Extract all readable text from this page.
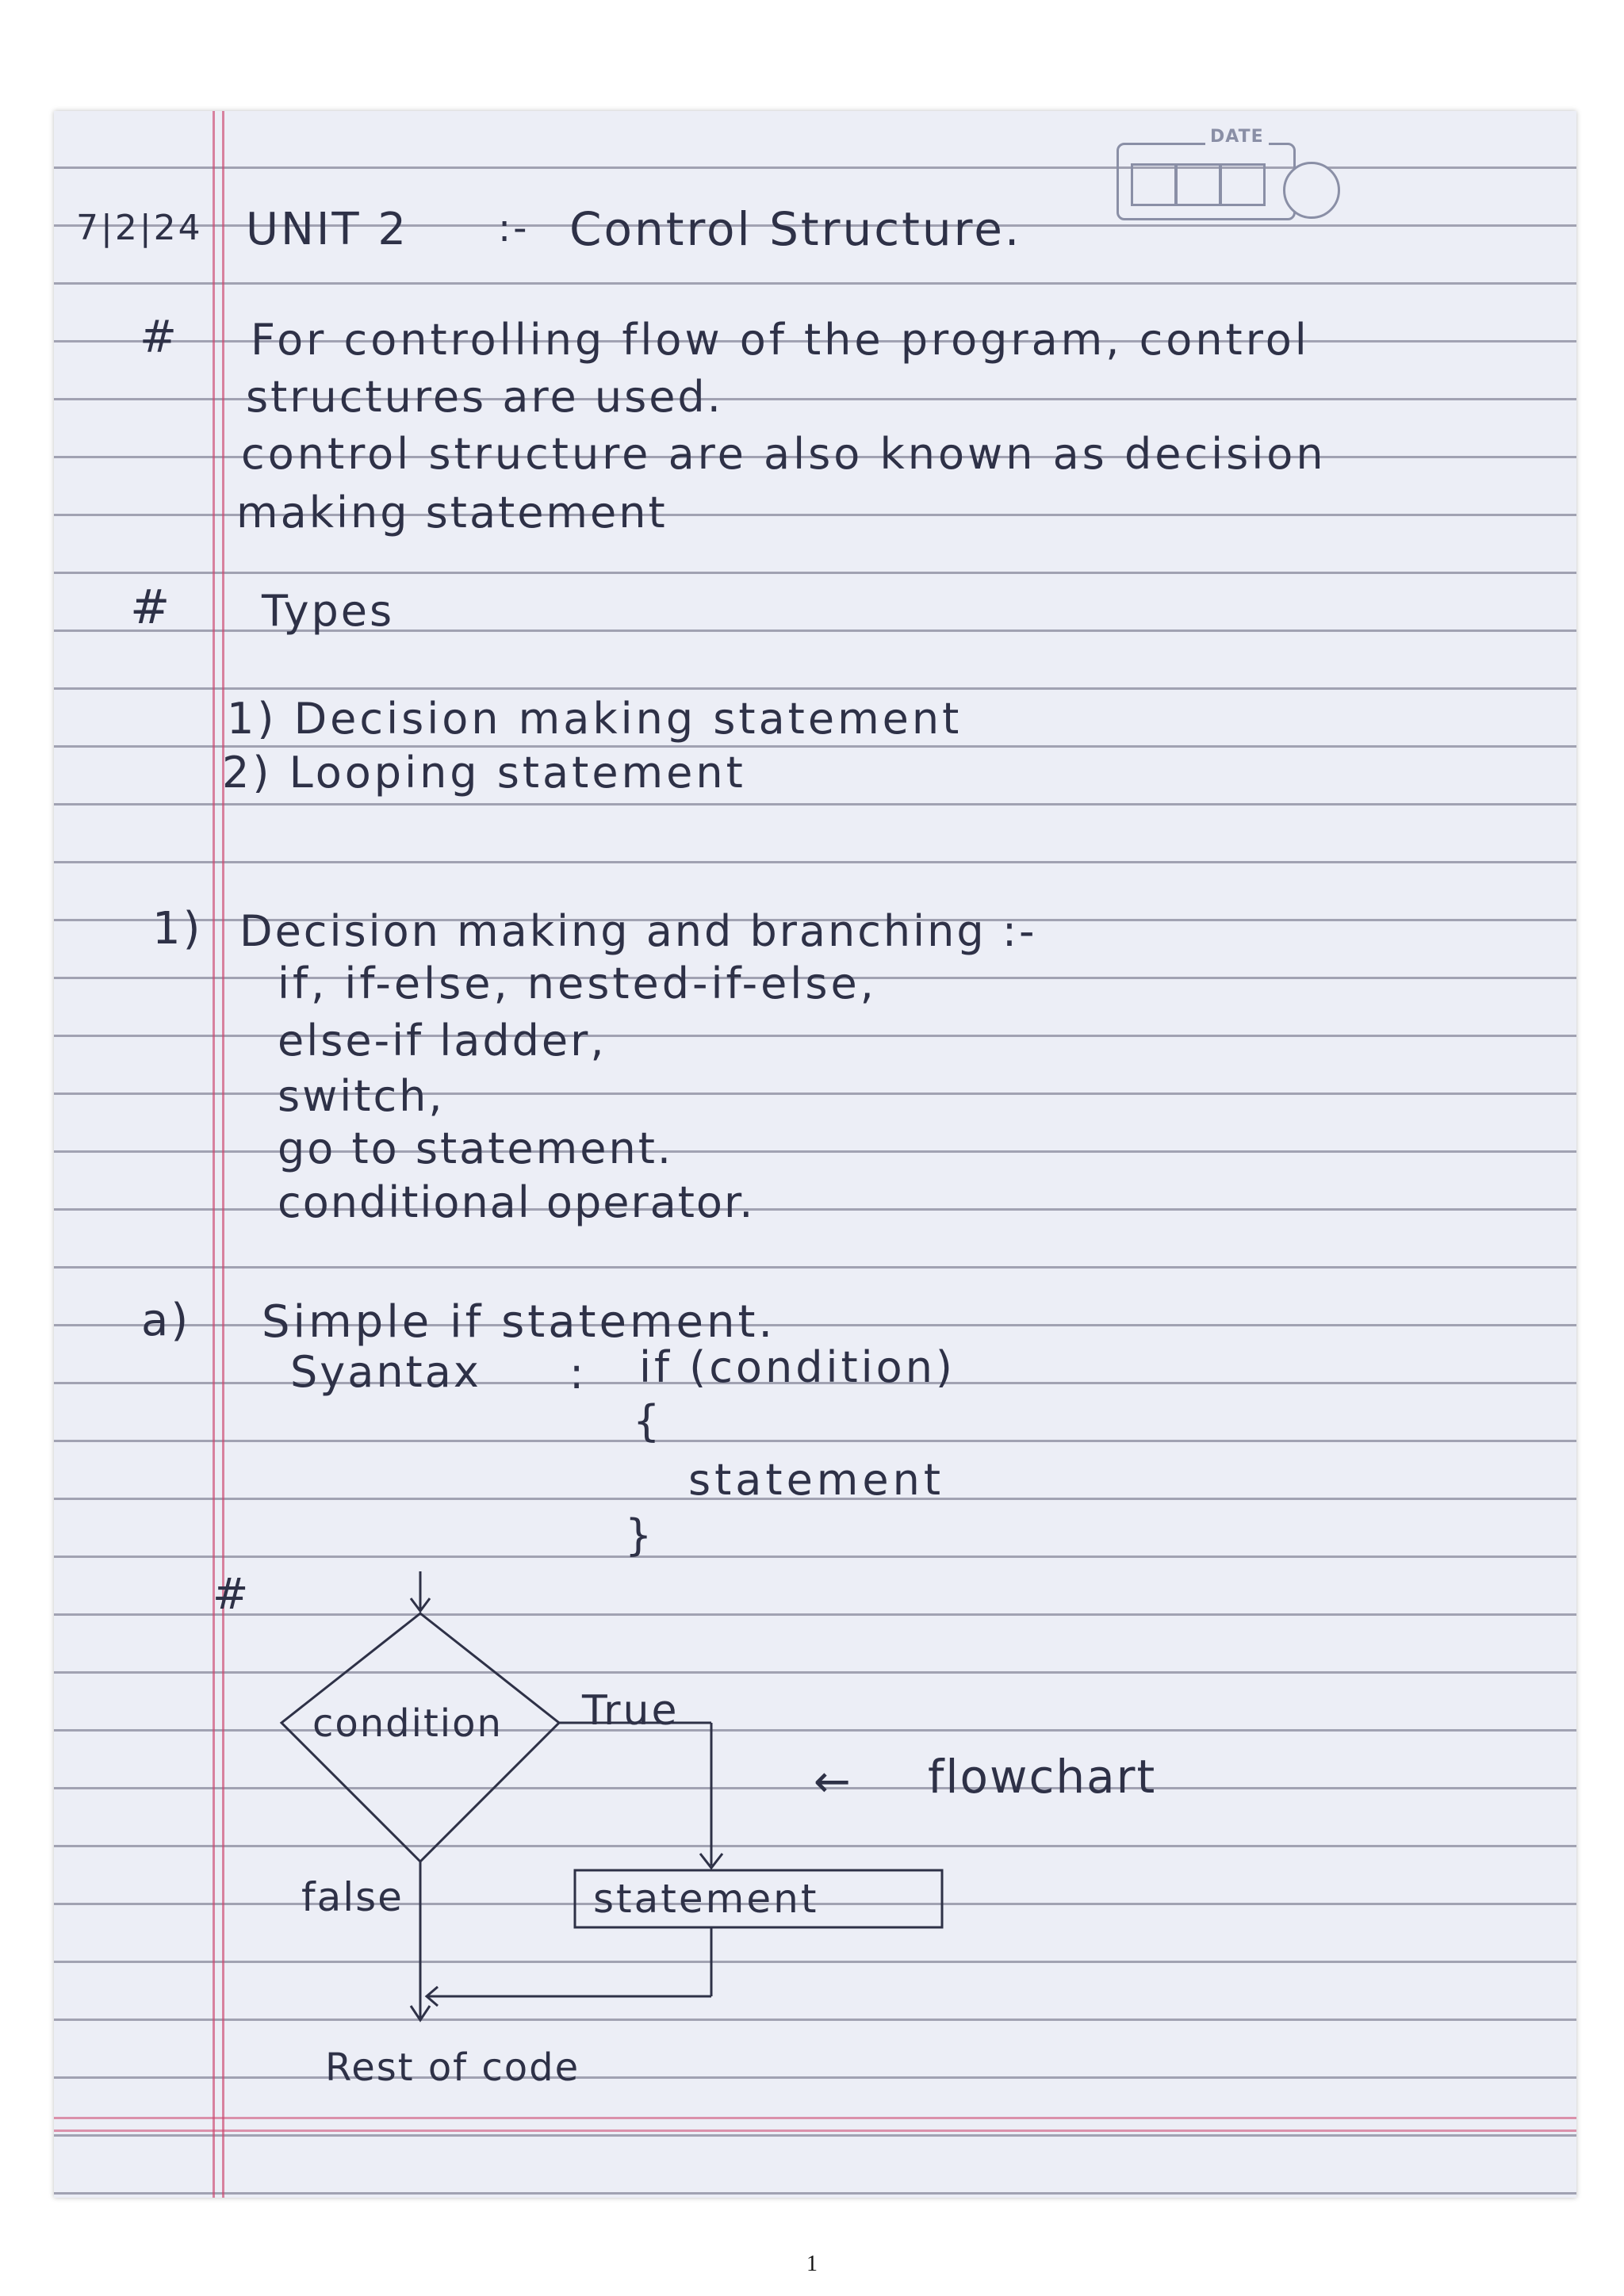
DATE
7|2|24 UNIT 2 :- Control Structure.
# For controlling flow of the program, control
structures are used.
control structure are also known as decision
making statement
# Types
1) Decision making statement
2) Looping statement
1) Decision making and branching :-
if, if-else, nested-if-else,
else-if ladder,
switch,
go to statement.
conditional operator.
a) Simple if statement.
Syantax : if (condition)
{
statement
}
#
condition True
← flowchart
false	statement
Rest of code
1
